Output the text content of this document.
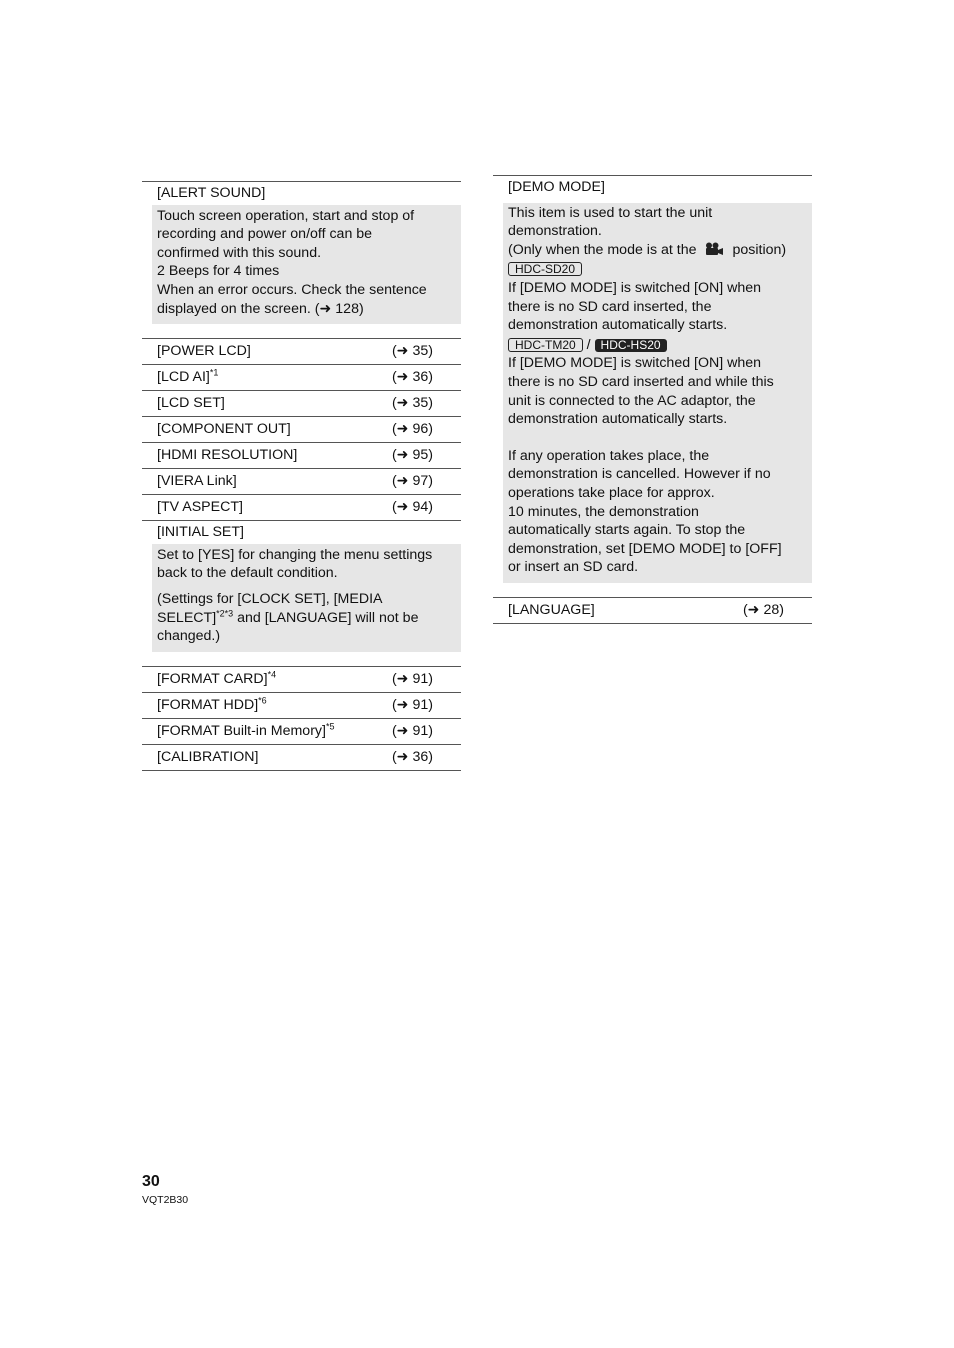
[ALERT SOUND]

Touch screen operation, start and stop of

recording and power on/off can be

confirmed with this sound.

2 Beeps for 4 times

When an error occurs. Check the sentence

displayed on the screen. (➜ 128)

[POWER LCD]	(➜ 35)
[LCD AI]$^{*1}$	(➜ 36)
[LCD SET]	(➜ 35)
[COMPONENT OUT]	(➜ 96)
[HDMI RESOLUTION]	(➜ 95)
[VIERA Link]	(➜ 97)
[TV ASPECT]	(➜ 94)
[INITIAL SET]

Set to [YES] for changing the menu settings

back to the default condition.

(Settings for [CLOCK SET], [MEDIA

SELECT]$^{*2*3}$ and [LANGUAGE] will not be

changed.)

[FORMAT CARD]$^{*4}$	(➜ 91)
[FORMAT HDD]$^{*6}$	(➜ 91)
[FORMAT Built-in Memory]$^{*5}$	(➜ 91)
[CALIBRATION]	(➜ 36)
[DEMO MODE]

This item is used to start the unit

demonstration.

(Only when the mode is at the	position)

HDC-SD20

If [DEMO MODE] is switched [ON] when

there is no SD card inserted, the

demonstration automatically starts.

HDC-TM20 / HDC-HS20

If [DEMO MODE] is switched [ON] when

there is no SD card inserted and while this

unit is connected to the AC adaptor, the

demonstration automatically starts.

If any operation takes place, the

demonstration is cancelled. However if no

operations take place for approx.

10 minutes, the demonstration

automatically starts again. To stop the

demonstration, set [DEMO MODE] to [OFF]

or insert an SD card.

[LANGUAGE]	(➜ 28)
30
VQT2B30
